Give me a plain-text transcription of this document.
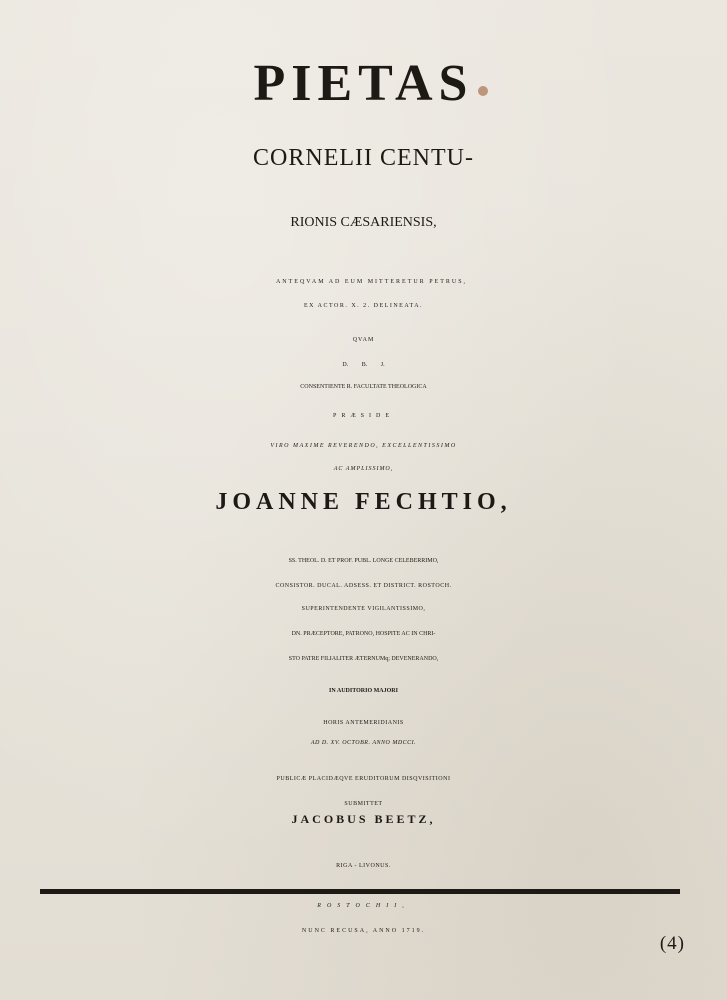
PIETAS

CORNELII CENTU-

RIONIS CÆSARIENSIS,

ANTEQVAM AD EUM MITTERETUR PETRUS,

EX ACTOR. X. 2. DELINEATA.

QVAM

D. B. J.

CONSENTIENTE R. FACULTATE THEOLOGICA

PRÆSIDE

VIRO MAXIME REVERENDO, EXCELLENTISSIMO

AC AMPLISSIMO,

JOANNE FECHTIO,

SS. THEOL. D. ET PROF. PUBL. LONGE CELEBERRIMO,

CONSISTOR. DUCAL. ADSESS. ET DISTRICT. ROSTOCH.

SUPERINTENDENTE VIGILANTISSIMO,

DN. PRÆCEPTORE, PATRONO, HOSPITE AC IN CHRI-

STO PATRE FILIALITER ÆTERNUMq; DEVENERANDO,

IN AUDITORIO MAJORI

HORIS ANTEMERIDIANIS

AD D. XV. OCTOBR. ANNO MDCCI.

PUBLICÆ PLACIDÆQVE ERUDITORUM DISQVISITIONI

SUBMITTET

JACOBUS BEETZ,

RIGA - LIVONUS.

ROSTOCHII,

NUNC RECUSA, ANNO 1719.

(4)
